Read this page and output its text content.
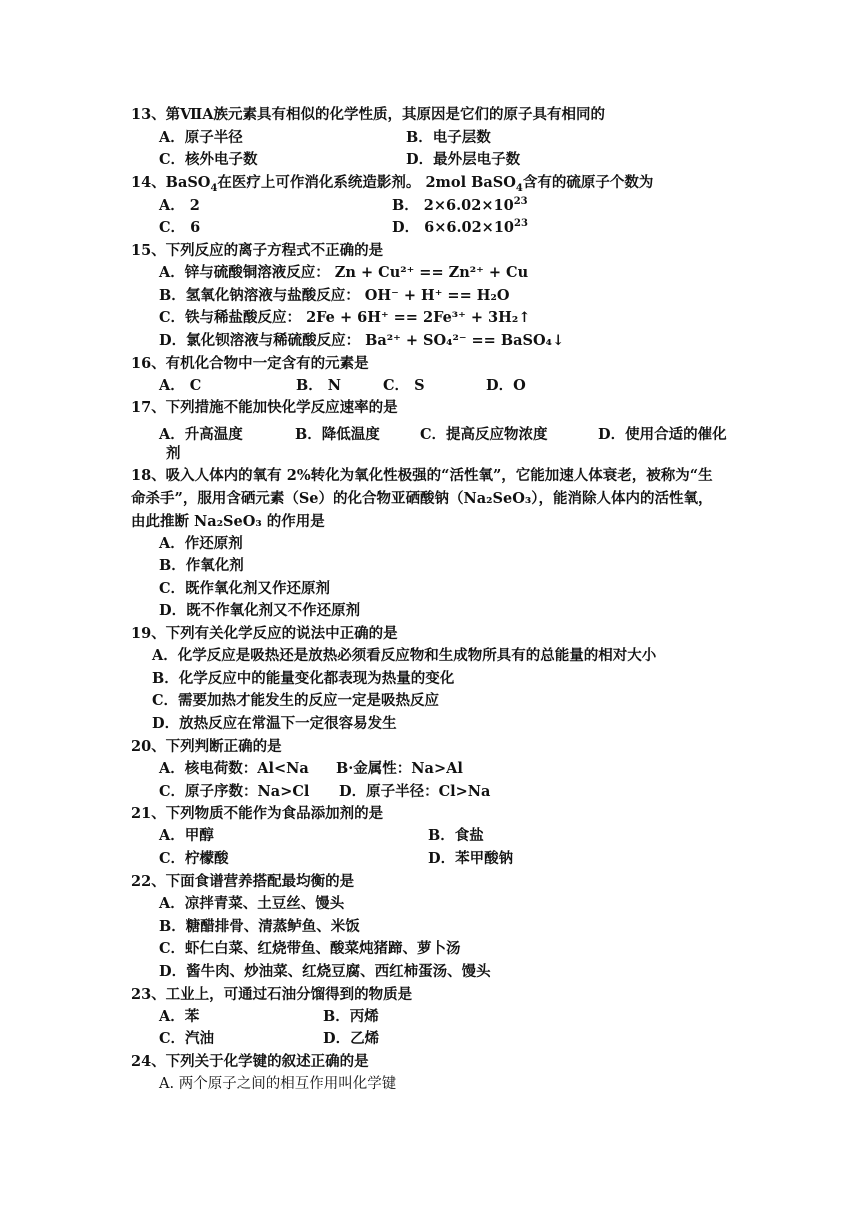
13、第ⅦA族元素具有相似的化学性质，其原因是它们的原子具有相同的
A．原子半径	B．电子层数
C．核外电子数	D．最外层电子数
14、BaSO$_4$在医疗上可作消化系统造影剂。 2mol BaSO$_4$含有的硫原子个数为
A． 2	B． $2\times 6.02\times 10^{23}$
C． 6	D． $6\times 6.02\times 10^{23}$
15、下列反应的离子方程式不正确的是
A．锌与硫酸铜溶液反应： Zn + Cu²⁺ == Zn²⁺ + Cu
B．氢氧化钠溶液与盐酸反应： OH⁻ + H⁺ == H₂O
C．铁与稀盐酸反应： 2Fe + 6H⁺ == 2Fe³⁺ + 3H₂↑
D．氯化钡溶液与稀硫酸反应： Ba²⁺ + SO₄²⁻ == BaSO₄↓
16、有机化合物中一定含有的元素是
A． C	B． N	C． S	D．O
17、下列措施不能加快化学反应速率的是
A．升高温度	B．降低温度	C．提高反应物浓度	D．使用合适的催化
剂
18、吸入人体内的氧有 2%转化为氧化性极强的“活性氧”，它能加速人体衰老，被称为“生
命杀手”，服用含硒元素（Se）的化合物亚硒酸钠（Na₂SeO₃），能消除人体内的活性氧，
由此推断 Na₂SeO₃ 的作用是
A．作还原剂
B．作氧化剂
C．既作氧化剂又作还原剂
D．既不作氧化剂又不作还原剂
19、下列有关化学反应的说法中正确的是
A．化学反应是吸热还是放热必须看反应物和生成物所具有的总能量的相对大小
B．化学反应中的能量变化都表现为热量的变化
C．需要加热才能发生的反应一定是吸热反应
D．放热反应在常温下一定很容易发生
20、下列判断正确的是
A．核电荷数：Al<Na B·金属性：Na>Al
C．原子序数：Na>Cl D．原子半径：Cl>Na
21、下列物质不能作为食品添加剂的是
A．甲醇	B．食盐
C．柠檬酸	D．苯甲酸钠
22、下面食谱营养搭配最均衡的是
A．凉拌青菜、土豆丝、馒头
B．糖醋排骨、清蒸鲈鱼、米饭
C．虾仁白菜、红烧带鱼、酸菜炖猪蹄、萝卜汤
D．酱牛肉、炒油菜、红烧豆腐、西红柿蛋汤、馒头
23、工业上，可通过石油分馏得到的物质是
A．苯	B．丙烯
C．汽油	D．乙烯
24、下列关于化学键的叙述正确的是
A. 两个原子之间的相互作用叫化学键
